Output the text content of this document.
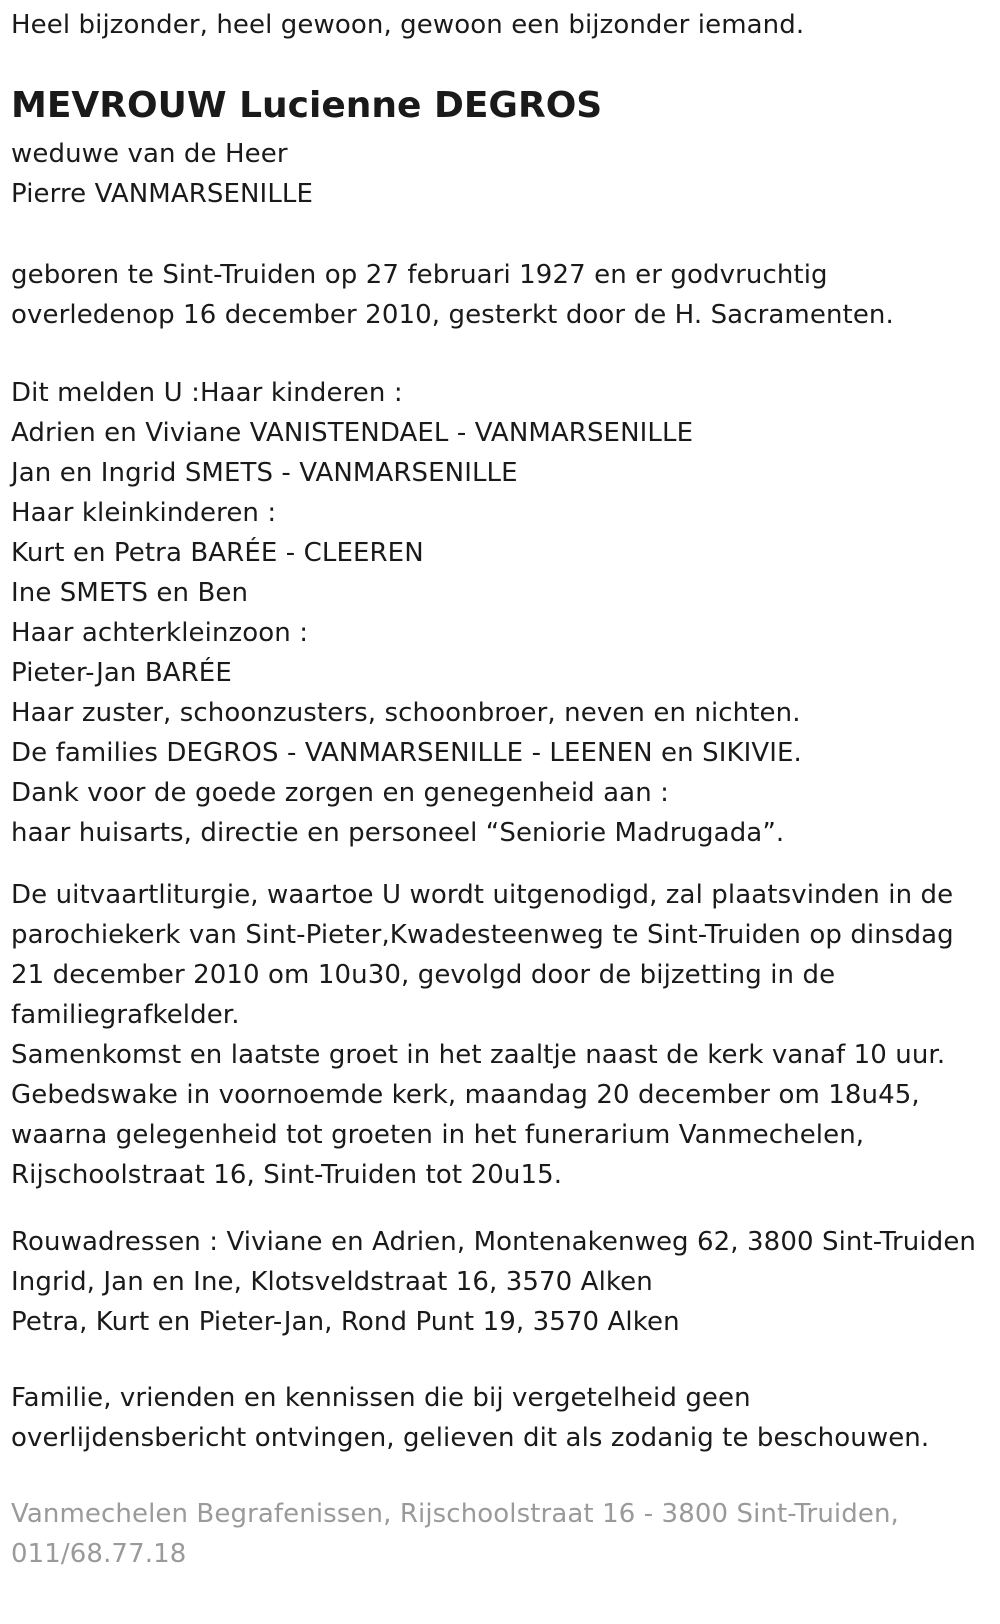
Heel bijzonder, heel gewoon, gewoon een bijzonder iemand.
MEVROUW Lucienne DEGROS
weduwe van de Heer
Pierre VANMARSENILLE
geboren te Sint-Truiden op 27 februari 1927 en er godvruchtig
overledenop 16 december 2010, gesterkt door de H. Sacramenten.
Dit melden U :Haar kinderen :
Adrien en Viviane VANISTENDAEL - VANMARSENILLE
Jan en Ingrid SMETS - VANMARSENILLE
Haar kleinkinderen :
Kurt en Petra BARÉE - CLEEREN
Ine SMETS en Ben
Haar achterkleinzoon :
Pieter-Jan BARÉE
Haar zuster, schoonzusters, schoonbroer, neven en nichten.
De families DEGROS - VANMARSENILLE - LEENEN en SIKIVIE.
Dank voor de goede zorgen en genegenheid aan :
haar huisarts, directie en personeel “Seniorie Madrugada”.
De uitvaartliturgie, waartoe U wordt uitgenodigd, zal plaatsvinden in de
parochiekerk van Sint-Pieter,Kwadesteenweg te Sint-Truiden op dinsdag
21 december 2010 om 10u30, gevolgd door de bijzetting in de
familiegrafkelder.
Samenkomst en laatste groet in het zaaltje naast de kerk vanaf 10 uur.
Gebedswake in voornoemde kerk, maandag 20 december om 18u45,
waarna gelegenheid tot groeten in het funerarium Vanmechelen,
Rijschoolstraat 16, Sint-Truiden tot 20u15.
Rouwadressen : Viviane en Adrien, Montenakenweg 62, 3800 Sint-Truiden
Ingrid, Jan en Ine, Klotsveldstraat 16, 3570 Alken
Petra, Kurt en Pieter-Jan, Rond Punt 19, 3570 Alken
Familie, vrienden en kennissen die bij vergetelheid geen
overlijdensbericht ontvingen, gelieven dit als zodanig te beschouwen.
Vanmechelen Begrafenissen, Rijschoolstraat 16 - 3800 Sint-Truiden,
011/68.77.18
